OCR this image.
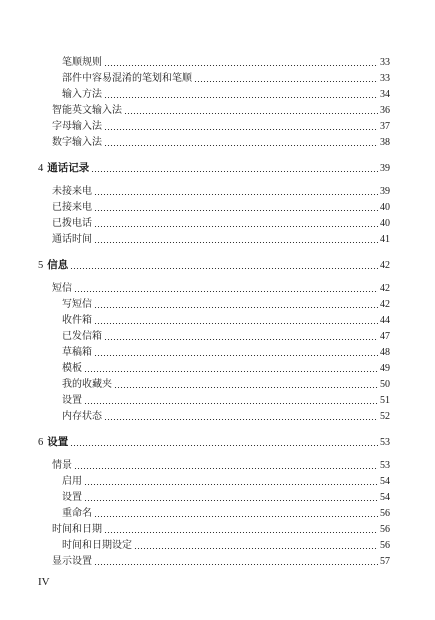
笔顺规则	33
部件中容易混淆的笔划和笔顺	33
输入方法	34
智能英文输入法	36
字母输入法	37
数字输入法	38
4 通话记录	39
未接来电	39
已接来电	40
已拨电话	40
通话时间	41
5 信息	42
短信	42
写短信	42
收件箱	44
已发信箱	47
草稿箱	48
模板	49
我的收藏夹	50
设置	51
内存状态	52
6 设置	53
情景	53
启用	54
设置	54
重命名	56
时间和日期	56
时间和日期设定	56
显示设置	57
IV
